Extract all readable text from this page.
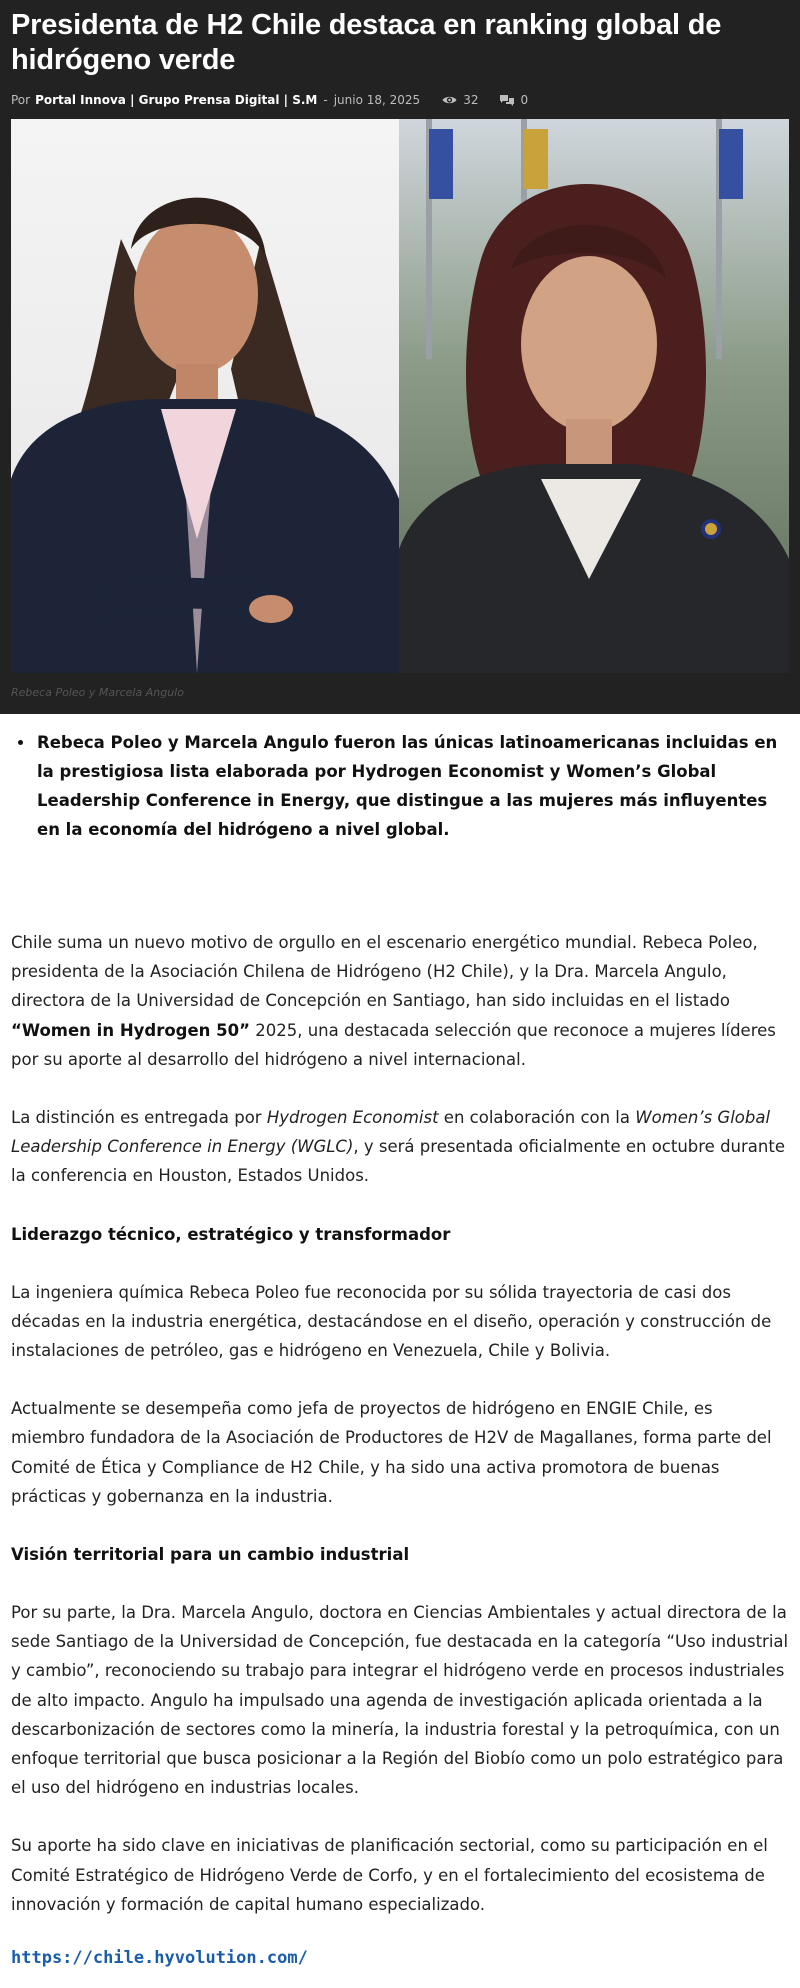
Presidenta de H2 Chile destaca en ranking global de hidrógeno verde
Por Portal Innova | Grupo Prensa Digital | S.M - junio 18, 2025	32	0
Rebeca Poleo y Marcela Angulo
• Rebeca Poleo y Marcela Angulo fueron las únicas latinoamericanas incluidas en la prestigiosa lista elaborada por Hydrogen Economist y Women’s Global Leadership Conference in Energy, que distingue a las mujeres más influyentes en la economía del hidrógeno a nivel global.

Chile suma un nuevo motivo de orgullo en el escenario energético mundial. Rebeca Poleo, presidenta de la Asociación Chilena de Hidrógeno (H2 Chile), y la Dra. Marcela Angulo, directora de la Universidad de Concepción en Santiago, han sido incluidas en el listado “Women in Hydrogen 50” 2025, una destacada selección que reconoce a mujeres líderes por su aporte al desarrollo del hidrógeno a nivel internacional.

La distinción es entregada por Hydrogen Economist en colaboración con la Women’s Global Leadership Conference in Energy (WGLC), y será presentada oficialmente en octubre durante la conferencia en Houston, Estados Unidos.

Liderazgo técnico, estratégico y transformador

La ingeniera química Rebeca Poleo fue reconocida por su sólida trayectoria de casi dos décadas en la industria energética, destacándose en el diseño, operación y construcción de instalaciones de petróleo, gas e hidrógeno en Venezuela, Chile y Bolivia.

Actualmente se desempeña como jefa de proyectos de hidrógeno en ENGIE Chile, es miembro fundadora de la Asociación de Productores de H2V de Magallanes, forma parte del Comité de Ética y Compliance de H2 Chile, y ha sido una activa promotora de buenas prácticas y gobernanza en la industria.

Visión territorial para un cambio industrial

Por su parte, la Dra. Marcela Angulo, doctora en Ciencias Ambientales y actual directora de la sede Santiago de la Universidad de Concepción, fue destacada en la categoría “Uso industrial y cambio”, reconociendo su trabajo para integrar el hidrógeno verde en procesos industriales de alto impacto. Angulo ha impulsado una agenda de investigación aplicada orientada a la descarbonización de sectores como la minería, la industria forestal y la petroquímica, con un enfoque territorial que busca posicionar a la Región del Biobío como un polo estratégico para el uso del hidrógeno en industrias locales.

Su aporte ha sido clave en iniciativas de planificación sectorial, como su participación en el Comité Estratégico de Hidrógeno Verde de Corfo, y en el fortalecimiento del ecosistema de innovación y formación de capital humano especializado.

https://chile.hyvolution.com/
